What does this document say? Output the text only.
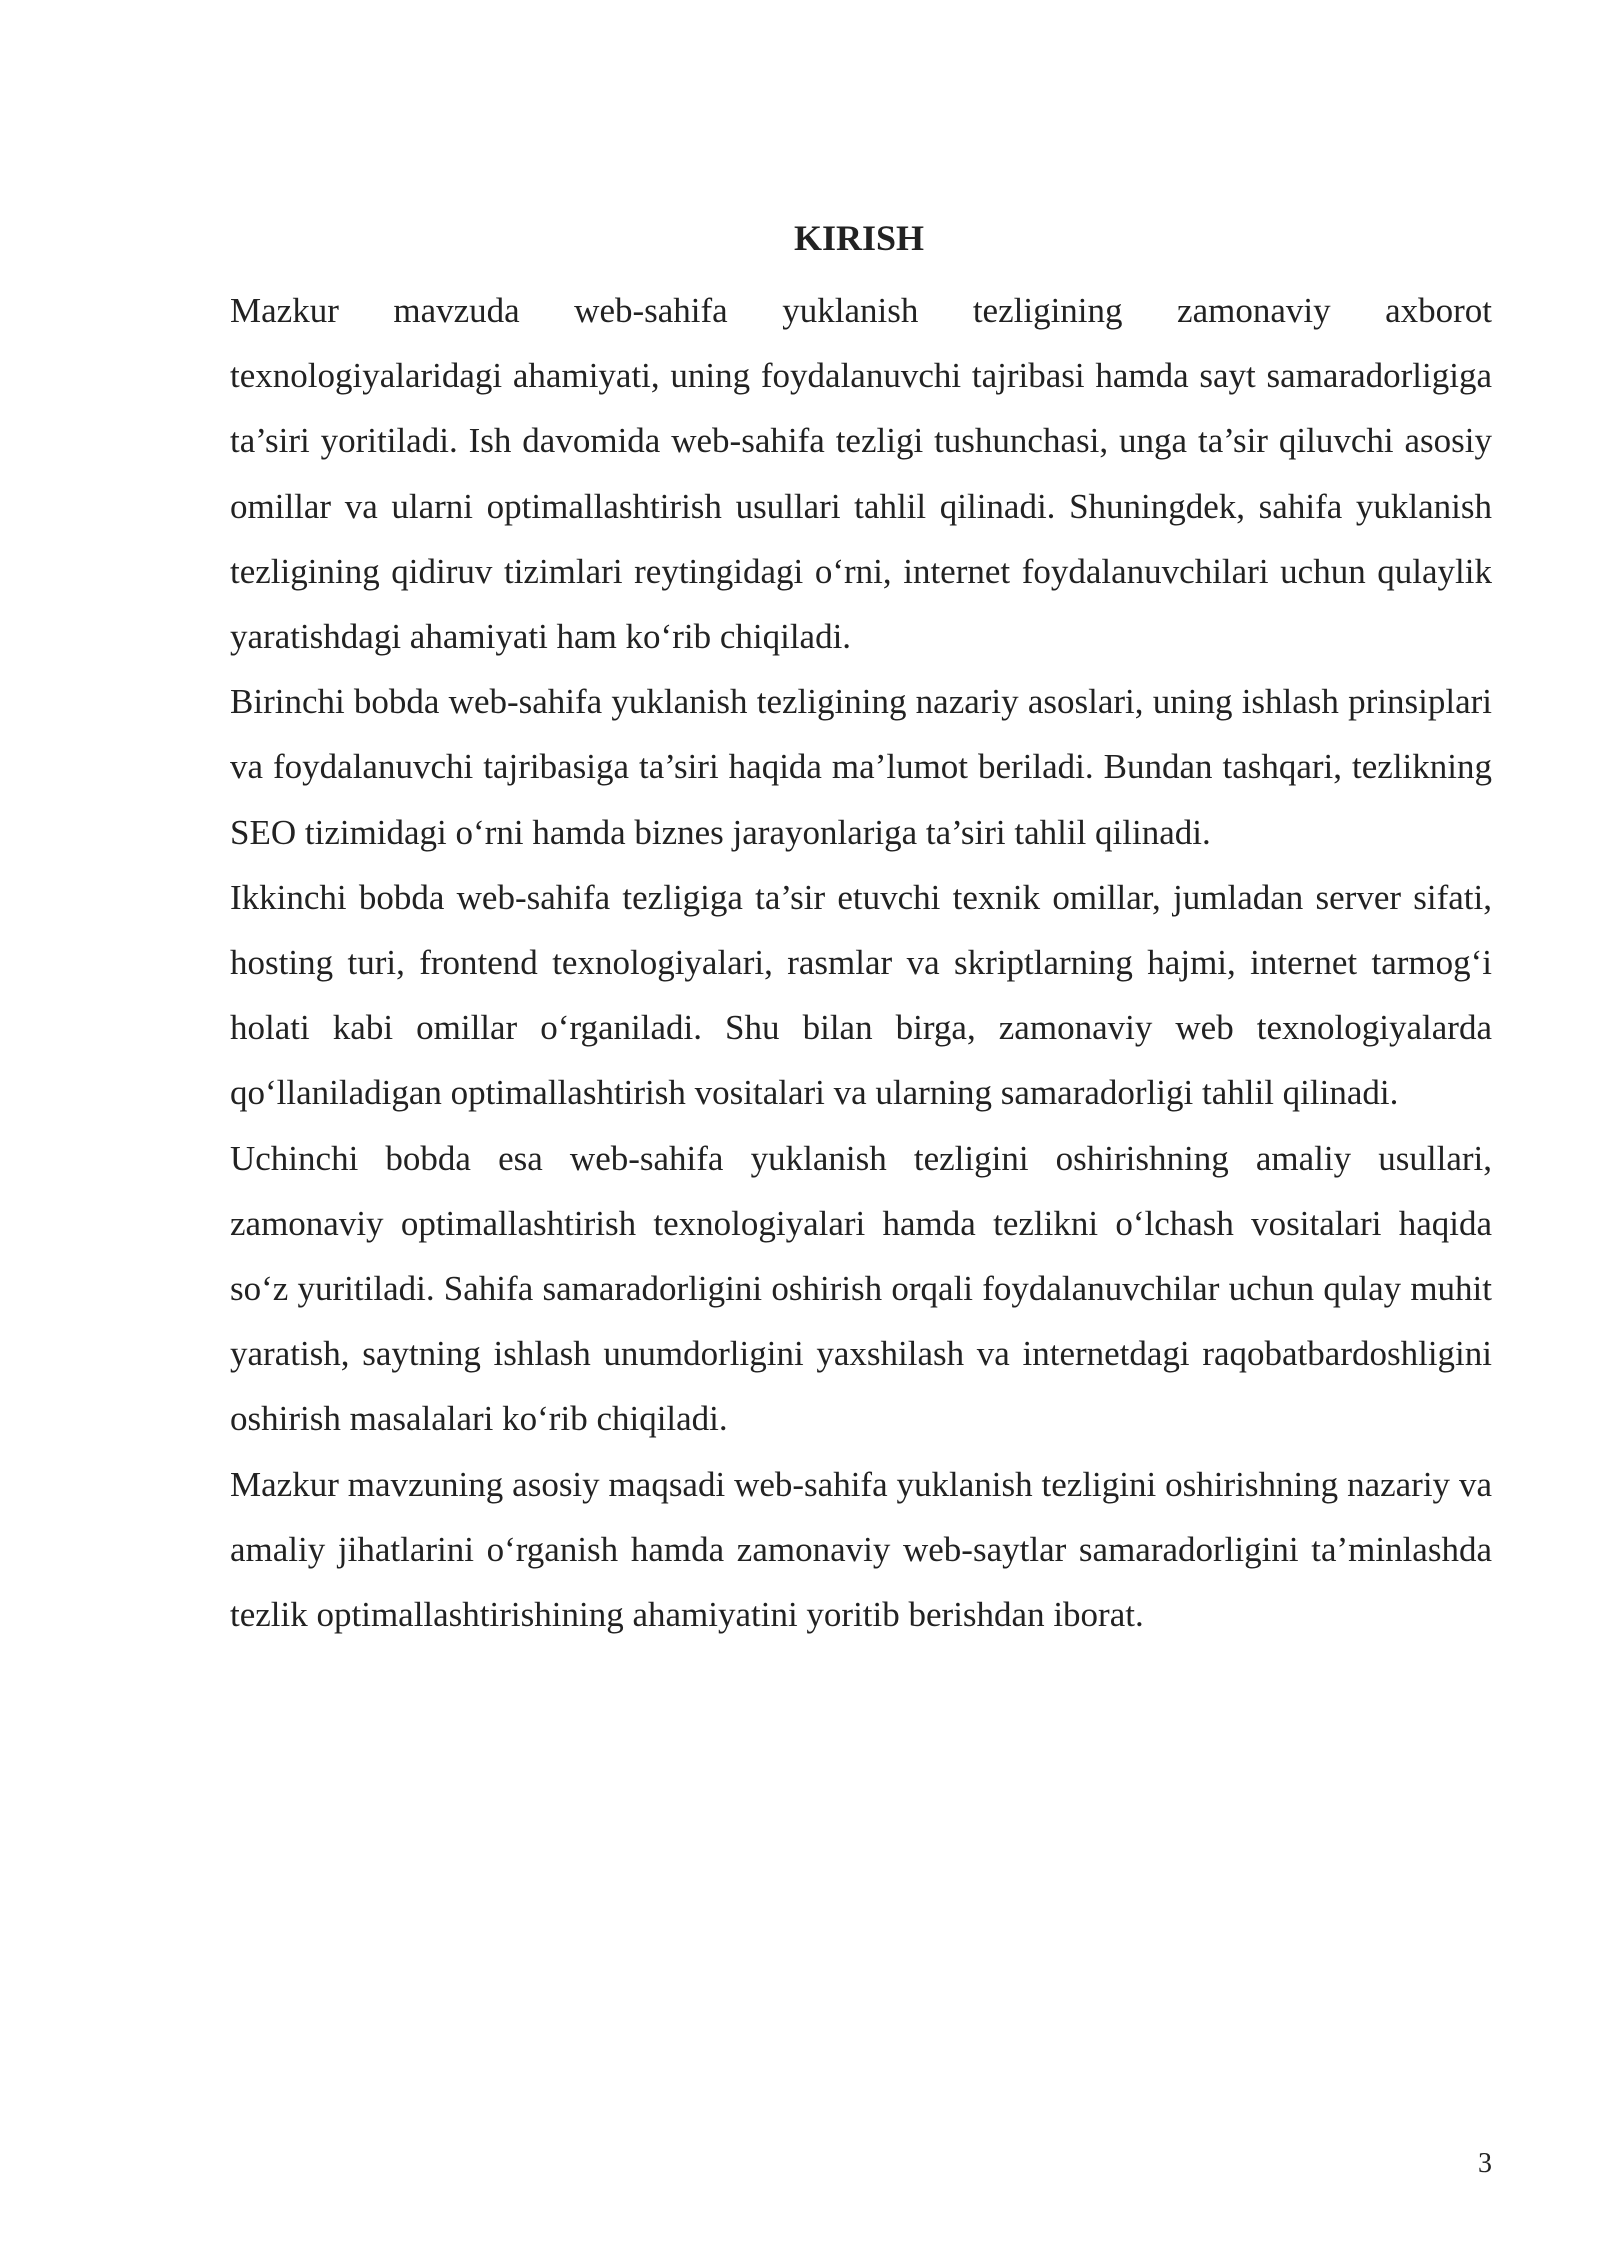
KIRISH

Mazkur mavzuda web-sahifa yuklanish tezligining zamonaviy axborot texnologiyalaridagi ahamiyati, uning foydalanuvchi tajribasi hamda sayt samaradorligiga ta’siri yoritiladi. Ish davomida web-sahifa tezligi tushunchasi, unga ta’sir qiluvchi asosiy omillar va ularni optimallashtirish usullari tahlil qilinadi. Shuningdek, sahifa yuklanish tezligining qidiruv tizimlari reytingidagi o‘rni, internet foydalanuvchilari uchun qulaylik yaratishdagi ahamiyati ham ko‘rib chiqiladi.

Birinchi bobda web-sahifa yuklanish tezligining nazariy asoslari, uning ishlash prinsiplari va foydalanuvchi tajribasiga ta’siri haqida ma’lumot beriladi. Bundan tashqari, tezlikning SEO tizimidagi o‘rni hamda biznes jarayonlariga ta’siri tahlil qilinadi.

Ikkinchi bobda web-sahifa tezligiga ta’sir etuvchi texnik omillar, jumladan server sifati, hosting turi, frontend texnologiyalari, rasmlar va skriptlarning hajmi, internet tarmog‘i holati kabi omillar o‘rganiladi. Shu bilan birga, zamonaviy web texnologiyalarda qo‘llaniladigan optimallashtirish vositalari va ularning samaradorligi tahlil qilinadi.

Uchinchi bobda esa web-sahifa yuklanish tezligini oshirishning amaliy usullari, zamonaviy optimallashtirish texnologiyalari hamda tezlikni o‘lchash vositalari haqida so‘z yuritiladi. Sahifa samaradorligini oshirish orqali foydalanuvchilar uchun qulay muhit yaratish, saytning ishlash unumdorligini yaxshilash va internetdagi raqobatbardoshligini oshirish masalalari ko‘rib chiqiladi.

Mazkur mavzuning asosiy maqsadi web-sahifa yuklanish tezligini oshirishning nazariy va amaliy jihatlarini o‘rganish hamda zamonaviy web-saytlar samaradorligini ta’minlashda tezlik optimallashtirishining ahamiyatini yoritib berishdan iborat.

3
